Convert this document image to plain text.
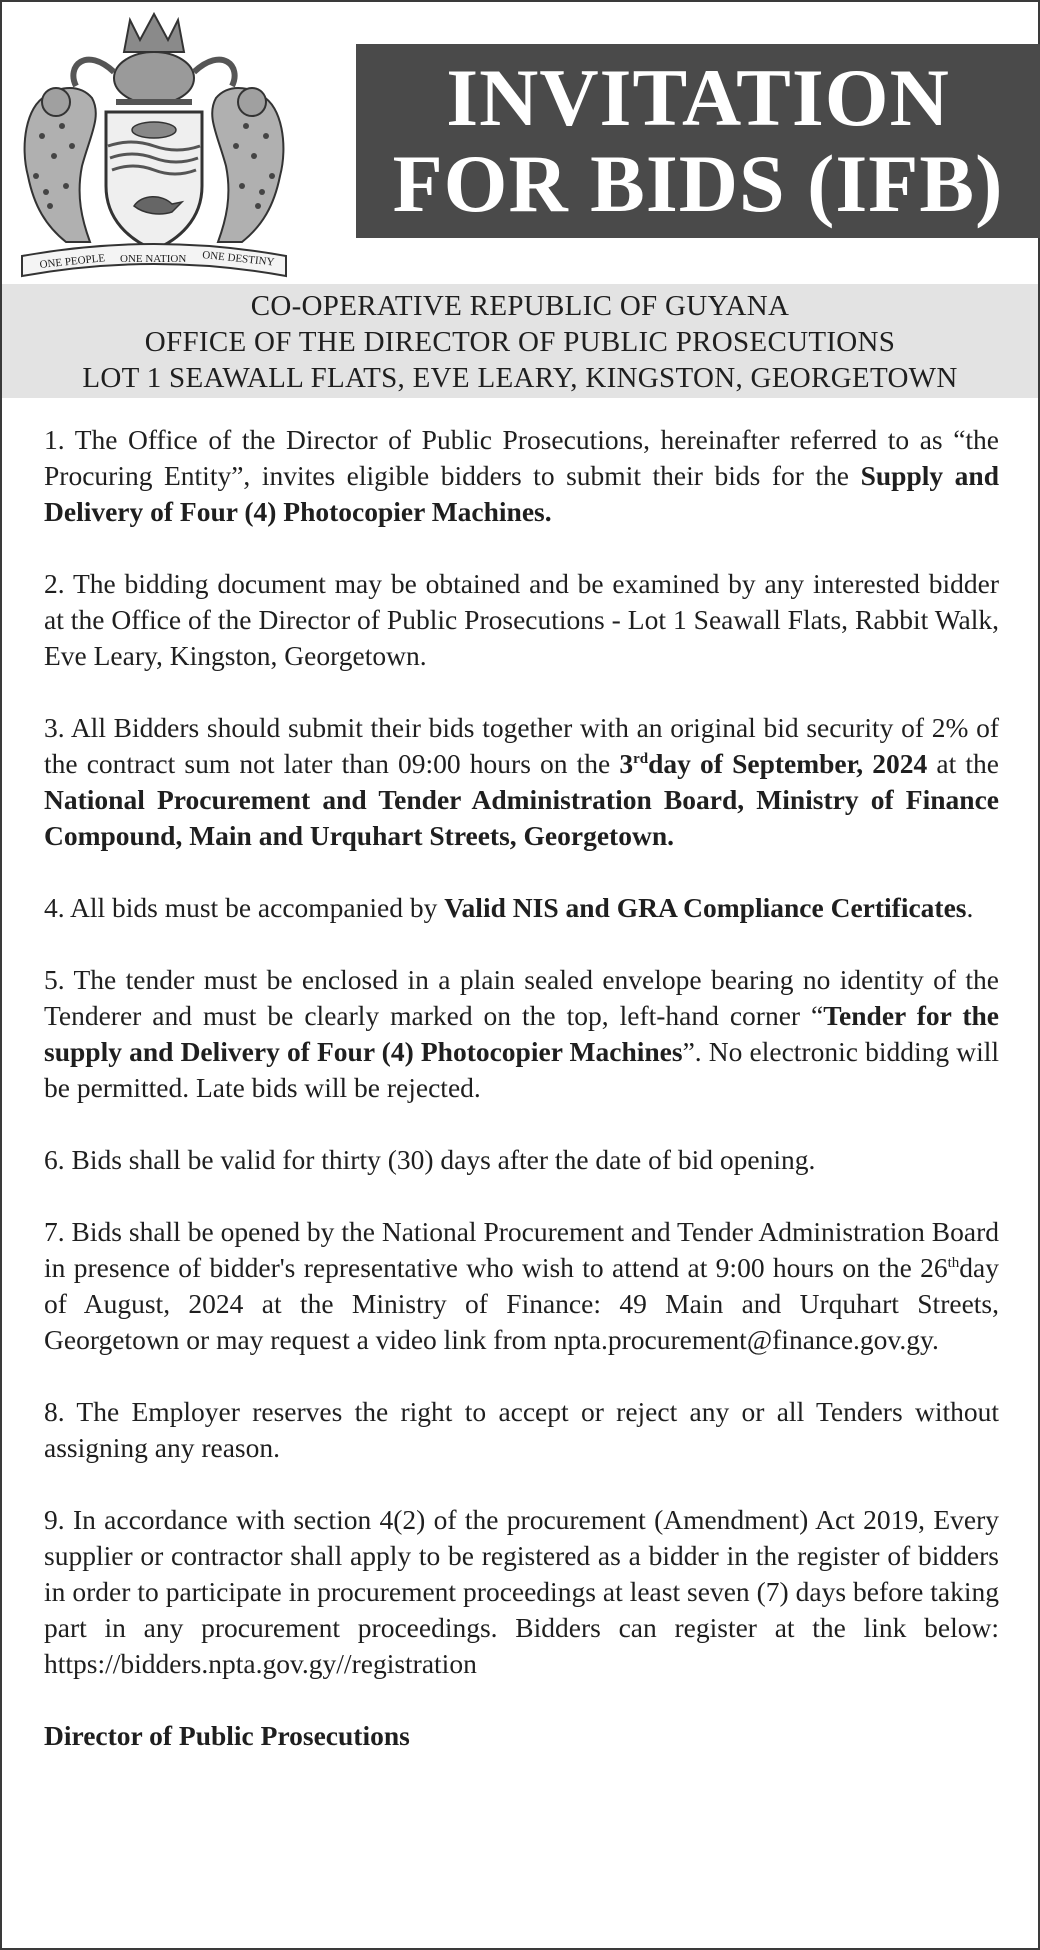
ONE PEOPLE ONE NATION ONE DESTINY
INVITATION
FOR BIDS (IFB)
CO-OPERATIVE REPUBLIC OF GUYANA
OFFICE OF THE DIRECTOR OF PUBLIC PROSECUTIONS
LOT 1 SEAWALL FLATS, EVE LEARY, KINGSTON, GEORGETOWN

1. The Office of the Director of Public Prosecutions, hereinafter referred to as “the Procuring Entity”, invites eligible bidders to submit their bids for the Supply and Delivery of Four (4) Photocopier Machines.

2. The bidding document may be obtained and be examined by any interested bidder at the Office of the Director of Public Prosecutions - Lot 1 Seawall Flats, Rabbit Walk, Eve Leary, Kingston, Georgetown.

3. All Bidders should submit their bids together with an original bid security of 2% of the contract sum not later than 09:00 hours on the 3rdday of September, 2024 at the National Procurement and Tender Administration Board, Ministry of Finance Compound, Main and Urquhart Streets, Georgetown.

4. All bids must be accompanied by Valid NIS and GRA Compliance Certificates.

5. The tender must be enclosed in a plain sealed envelope bearing no identity of the Tenderer and must be clearly marked on the top, left-hand corner “Tender for the supply and Delivery of Four (4) Photocopier Machines”. No electronic bidding will be permitted. Late bids will be rejected.

6. Bids shall be valid for thirty (30) days after the date of bid opening.

7. Bids shall be opened by the National Procurement and Tender Administration Board in presence of bidder's representative who wish to attend at 9:00 hours on the 26thday of August, 2024 at the Ministry of Finance: 49 Main and Urquhart Streets, Georgetown or may request a video link from npta.procurement@finance.gov.gy.

8. The Employer reserves the right to accept or reject any or all Tenders without assigning any reason.

9. In accordance with section 4(2) of the procurement (Amendment) Act 2019, Every supplier or contractor shall apply to be registered as a bidder in the register of bidders in order to participate in procurement proceedings at least seven (7) days before taking part in any procurement proceedings. Bidders can register at the link below: https://bidders.npta.gov.gy//registration

Director of Public Prosecutions
